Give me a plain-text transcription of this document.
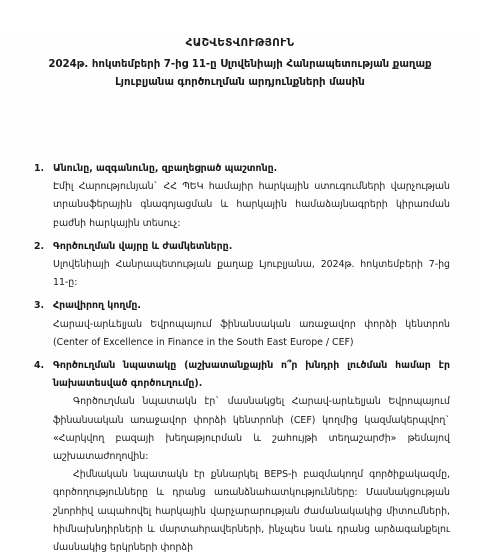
ՀԱՇՎԵՏՎՈՒԹՅՈՒՆ
2024թ. հոկտեմբերի 7-ից 11-ը Սլովենիայի Հանրապետության քաղաք Լյուբլյանա գործուղման արդյունքների մասին
1. Անունը, ազգանունը, զբաղեցրած պաշտոնը.
Էմիլ Հարությունյան` ՀՀ ՊԵԿ համայիր հարկային ստուգումների վարչության տրանսֆերային գնագոյացման և հարկային համաձայնագրերի կիրառման բաժնի հարկային տեսուչ:
2. Գործուղման վայրը և ժամկետները.
Սլովենիայի Հանրապետության քաղաք Լյուբլյանա, 2024թ. հոկտեմբերի 7-ից 11-ը:
3. Հրավիրող կողմը.
Հարավ-արևելյան Եվրոպայում ֆինանսական առաջավոր փորձի կենտրոն (Center of Excellence in Finance in the South East Europe / CEF)
4. Գործուղման նպատակը (աշխատանքային ո՞ր խնդրի լուծման համար էր նախատեսված գործուղումը).
Գործուղման նպատակն էր` մասնակցել Հարավ-արևելյան Եվրոպայում ֆինանսական առաջավոր փորձի կենտրոնի (CEF) կողմից կազմակերպվող` «Հարկվող բազայի խեղաթյուրման և շահույթի տեղաշարժի» թեմայով աշխատաժողովին:
Հիմնական նպատակն էր քննարկել BEPS-ի բազմակողմ գործիքակազմը, գործողությունները և դրանց առանձնահատկությունները: Մասնակցության շնորհիվ ապահովել հարկային վարչարարության ժամանակակից միտումների, հիմնախնդիրների և մարտահրավերների, ինչպես նաև դրանց արձագանքելու մասնակից երկրների փորձի
